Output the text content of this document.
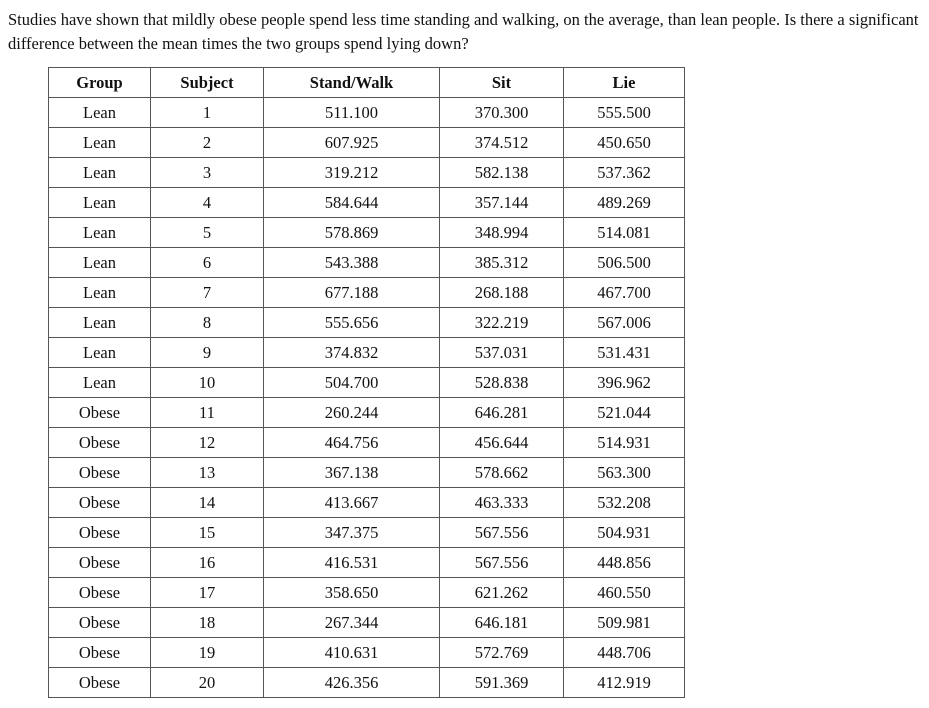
Studies have shown that mildly obese people spend less time standing and walking, on the average, than lean people. Is there a significant difference between the mean times the two groups spend lying down?

Group	Subject	Stand/Walk	Sit	Lie
Lean	1	511.100	370.300	555.500
Lean	2	607.925	374.512	450.650
Lean	3	319.212	582.138	537.362
Lean	4	584.644	357.144	489.269
Lean	5	578.869	348.994	514.081
Lean	6	543.388	385.312	506.500
Lean	7	677.188	268.188	467.700
Lean	8	555.656	322.219	567.006
Lean	9	374.832	537.031	531.431
Lean	10	504.700	528.838	396.962
Obese	11	260.244	646.281	521.044
Obese	12	464.756	456.644	514.931
Obese	13	367.138	578.662	563.300
Obese	14	413.667	463.333	532.208
Obese	15	347.375	567.556	504.931
Obese	16	416.531	567.556	448.856
Obese	17	358.650	621.262	460.550
Obese	18	267.344	646.181	509.981
Obese	19	410.631	572.769	448.706
Obese	20	426.356	591.369	412.919
